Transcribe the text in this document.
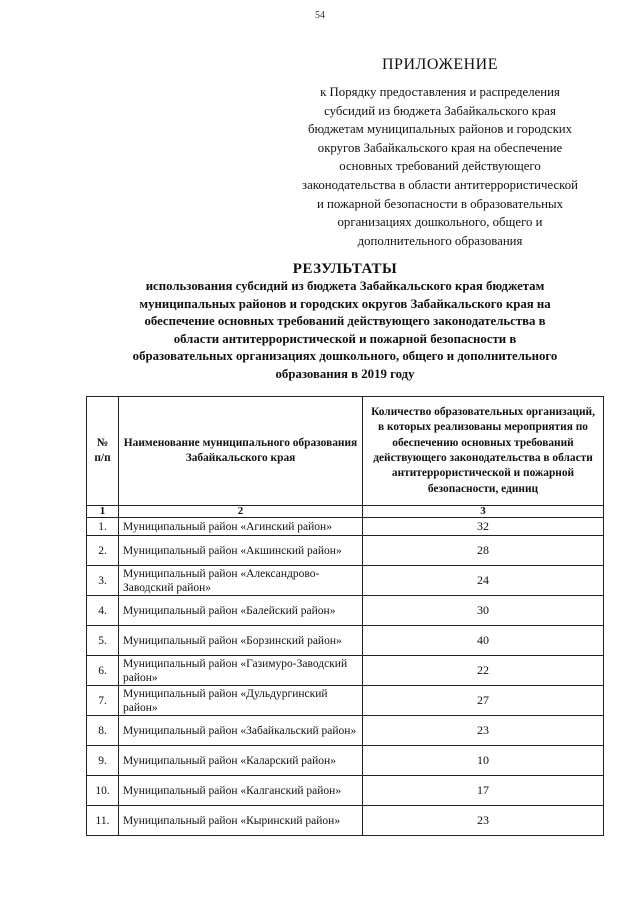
54
ПРИЛОЖЕНИЕ
к Порядку предоставления и распределения
субсидий из бюджета Забайкальского края
бюджетам муниципальных районов и городских
округов Забайкальского края на обеспечение
основных требований действующего
законодательства в области антитеррористической
и пожарной безопасности в образовательных
организациях дошкольного, общего и
дополнительного образования
РЕЗУЛЬТАТЫ
использования субсидий из бюджета Забайкальского края бюджетам
муниципальных районов и городских округов Забайкальского края на
обеспечение основных требований действующего законодательства в
области антитеррористической и пожарной безопасности в
образовательных организациях дошкольного, общего и дополнительного
образования в 2019 году
№ п/п	Наименование муниципального образования Забайкальского края	Количество образовательных организаций, в которых реализованы мероприятия по обеспечению основных требований действующего законодательства в области антитеррористической и пожарной безопасности, единиц
1	2	3
1.	Муниципальный район «Агинский район»	32
2.	Муниципальный район «Акшинский район»	28
3.	Муниципальный район «Александрово-Заводский район»	24
4.	Муниципальный район «Балейский район»	30
5.	Муниципальный район «Борзинский район»	40
6.	Муниципальный район «Газимуро-Заводский район»	22
7.	Муниципальный район «Дульдургинский район»	27
8.	Муниципальный район «Забайкальский район»	23
9.	Муниципальный район «Каларский район»	10
10.	Муниципальный район «Калганский район»	17
11.	Муниципальный район «Кыринский район»	23
